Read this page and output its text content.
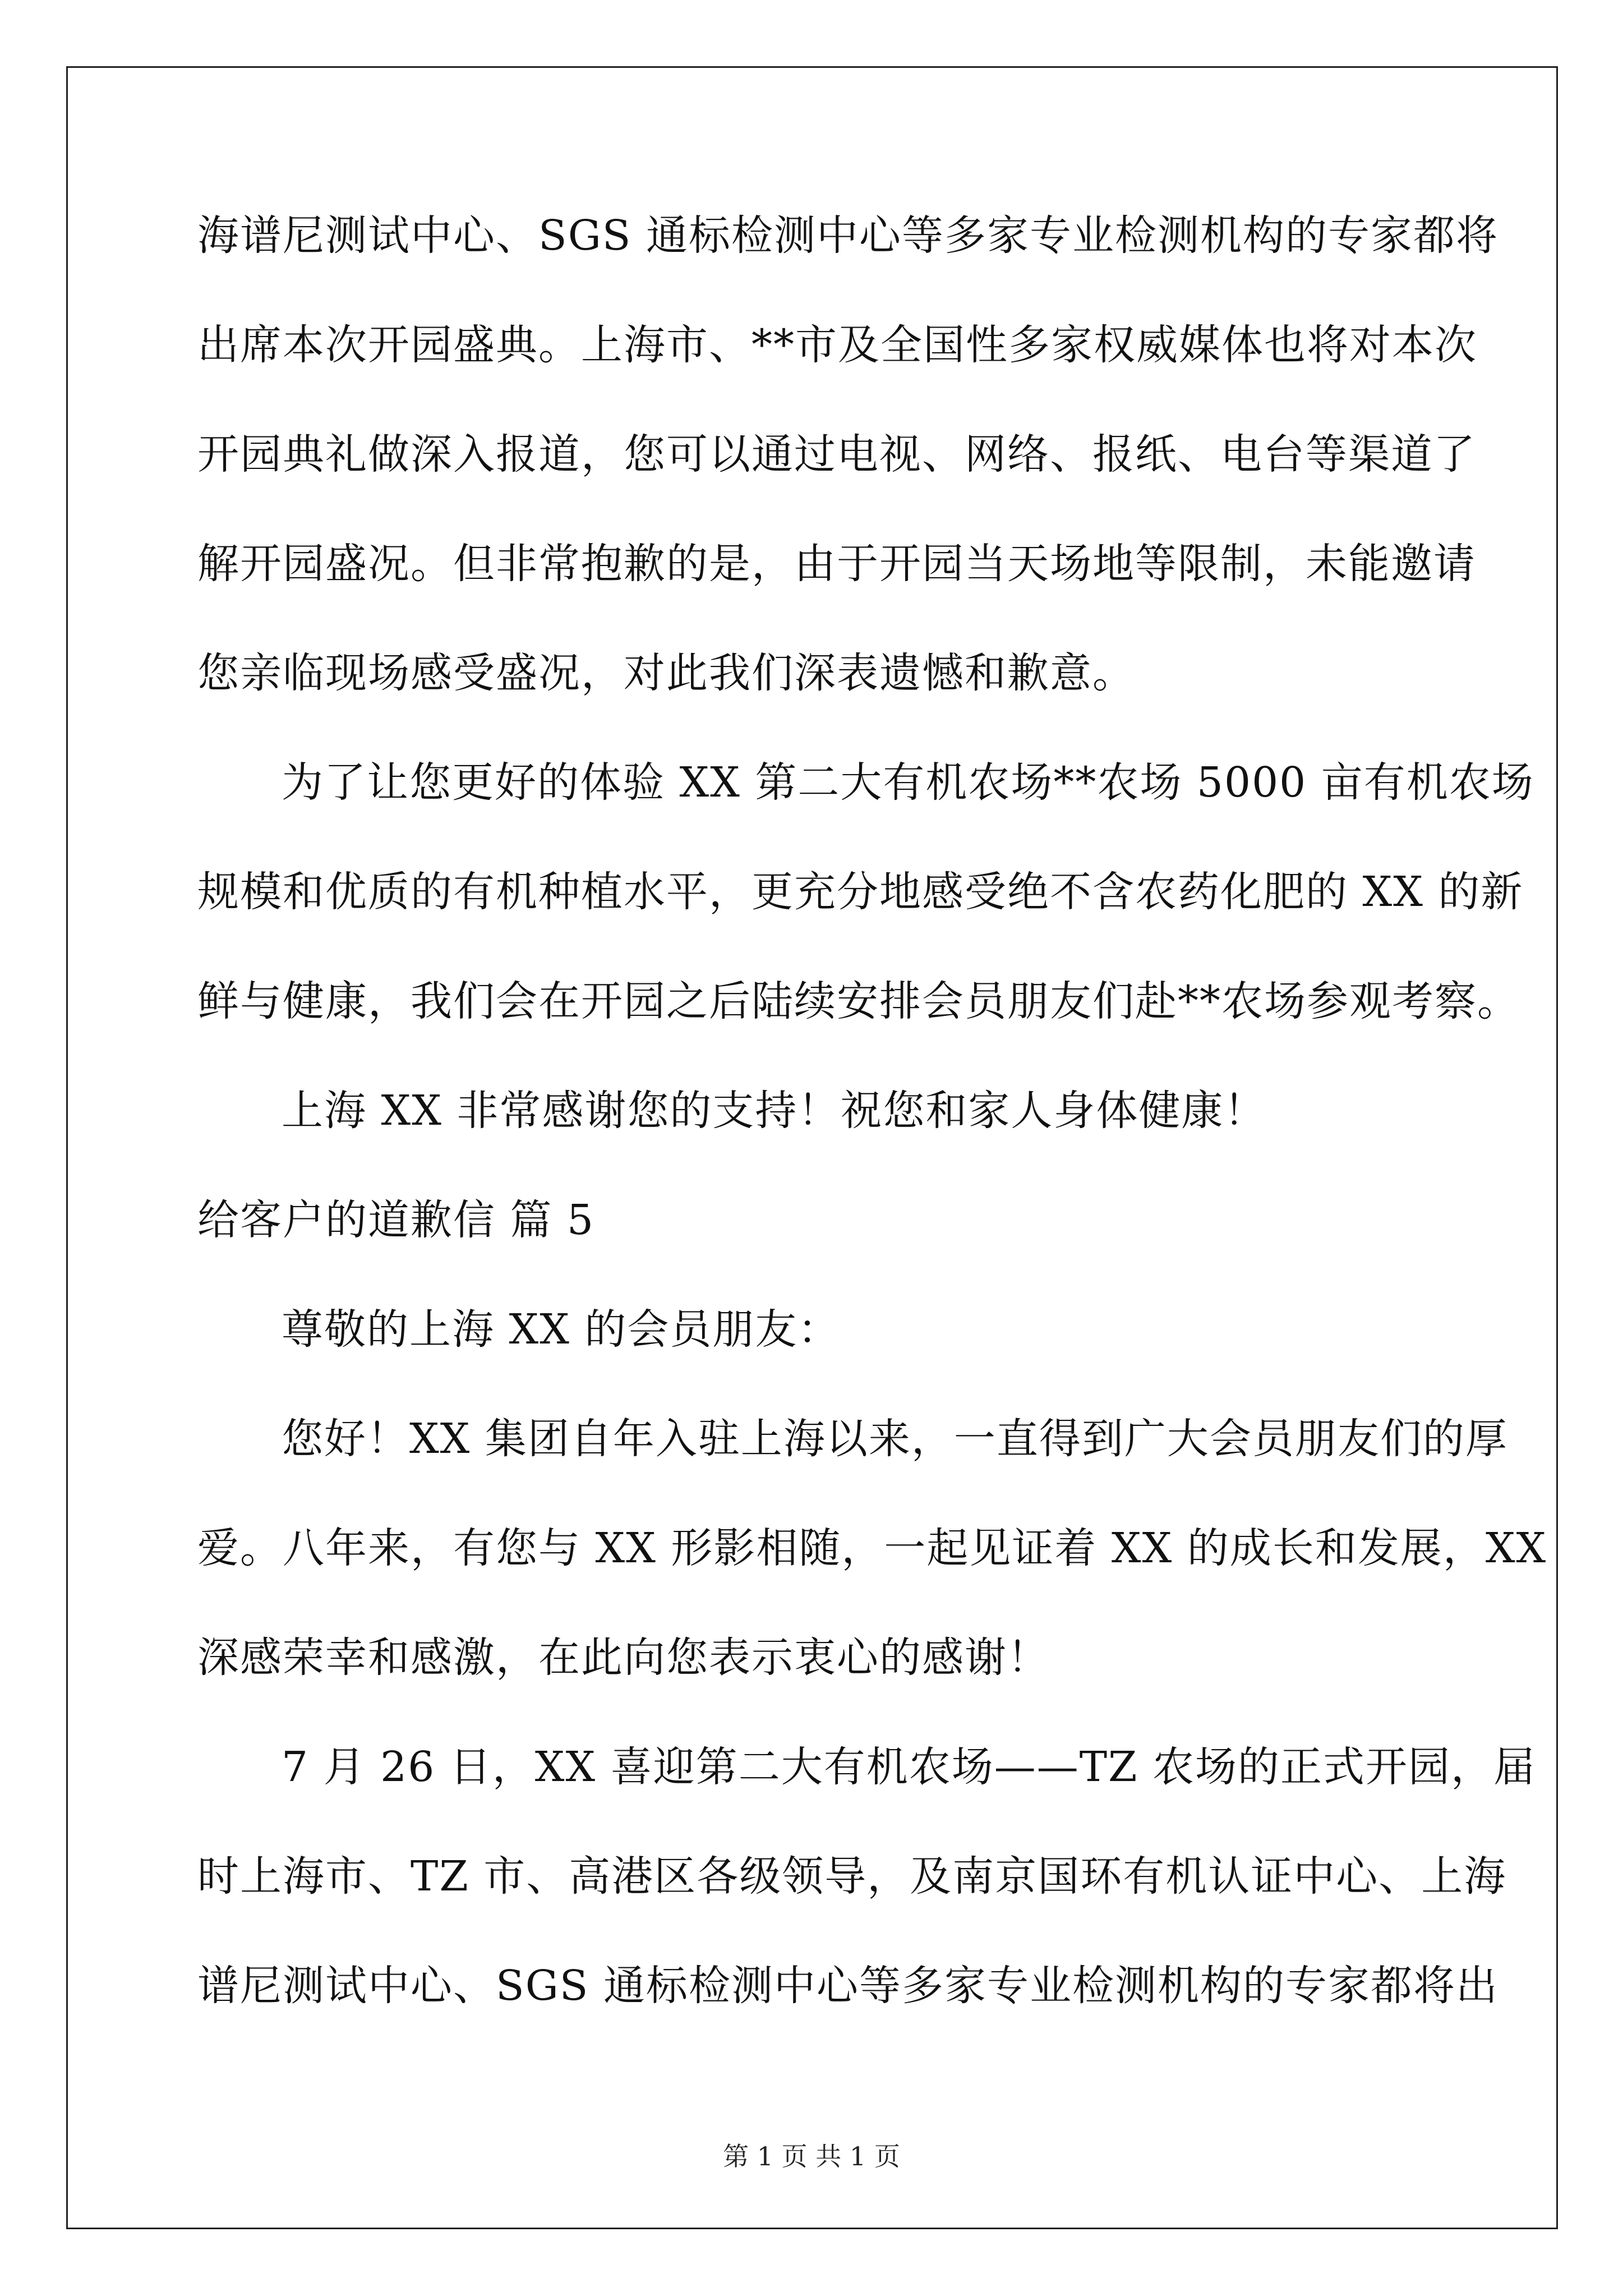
海谱尼测试中心、SGS 通标检测中心等多家专业检测机构的专家都将
出席本次开园盛典。上海市、**市及全国性多家权威媒体也将对本次
开园典礼做深入报道，您可以通过电视、网络、报纸、电台等渠道了
解开园盛况。但非常抱歉的是，由于开园当天场地等限制，未能邀请
您亲临现场感受盛况，对此我们深表遗憾和歉意。
为了让您更好的体验 XX 第二大有机农场**农场 5000 亩有机农场
规模和优质的有机种植水平，更充分地感受绝不含农药化肥的 XX 的新
鲜与健康，我们会在开园之后陆续安排会员朋友们赴**农场参观考察。
上海 XX 非常感谢您的支持！祝您和家人身体健康！
给客户的道歉信 篇 5
尊敬的上海 XX 的会员朋友：
您好！XX 集团自年入驻上海以来，一直得到广大会员朋友们的厚
爱。八年来，有您与 XX 形影相随，一起见证着 XX 的成长和发展，XX
深感荣幸和感激，在此向您表示衷心的感谢！
7 月 26 日，XX 喜迎第二大有机农场——TZ 农场的正式开园，届
时上海市、TZ 市、高港区各级领导，及南京国环有机认证中心、上海
谱尼测试中心、SGS 通标检测中心等多家专业检测机构的专家都将出
第 1 页 共 1 页
